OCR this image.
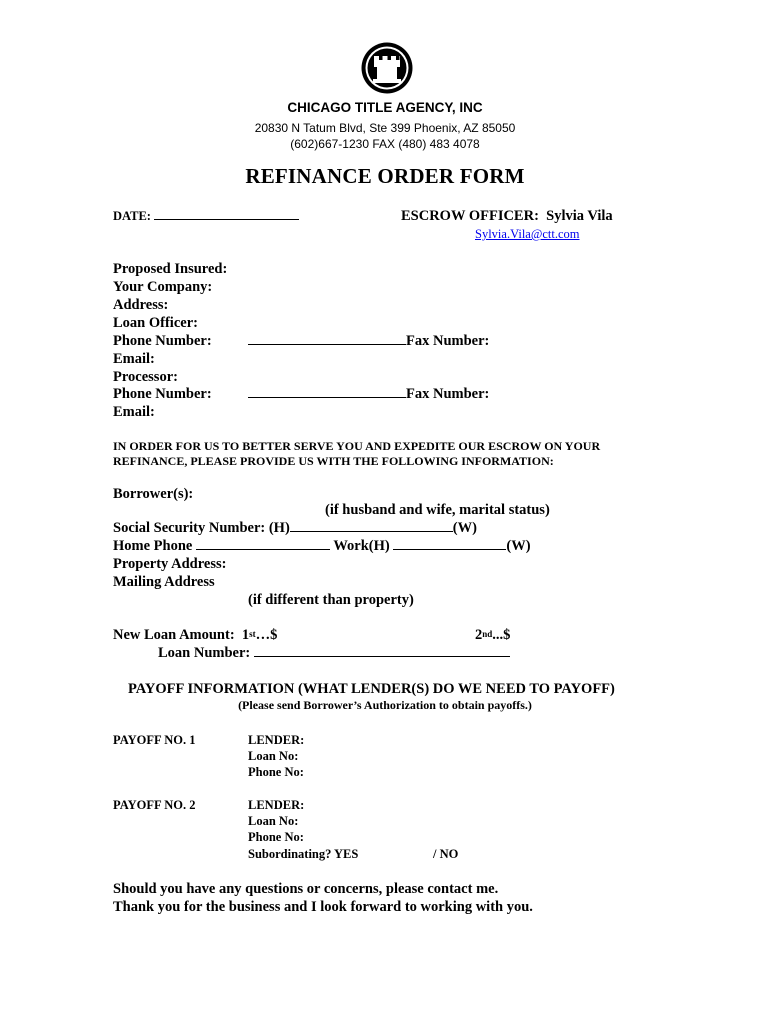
CHICAGO TITLE AGENCY, INC
20830 N Tatum Blvd, Ste 399 Phoenix, AZ 85050
(602)667-1230 FAX (480) 483 4078
REFINANCE ORDER FORM
DATE:	ESCROW OFFICER: Sylvia Vila
Sylvia.Vila@ctt.com
Proposed Insured:
Your Company:
Address:
Loan Officer:
Phone Number:	Fax Number:
Email:
Processor:
Phone Number:	Fax Number:
Email:
IN ORDER FOR US TO BETTER SERVE YOU AND EXPEDITE OUR ESCROW ON YOUR
REFINANCE, PLEASE PROVIDE US WITH THE FOLLOWING INFORMATION:
Borrower(s):
(if husband and wife, marital status)
Social Security Number: (H)	(W)
Home Phone	Work(H)	(W)
Property Address:
Mailing Address
(if different than property)
New Loan Amount: 1st…$	2nd...$
Loan Number:
PAYOFF INFORMATION (WHAT LENDER(S) DO WE NEED TO PAYOFF)
(Please send Borrower’s Authorization to obtain payoffs.)
PAYOFF NO. 1	LENDER:
Loan No:
Phone No:
PAYOFF NO. 2	LENDER:
Loan No:
Phone No:
Subordinating? YES	/ NO
Should you have any questions or concerns, please contact me.
Thank you for the business and I look forward to working with you.
